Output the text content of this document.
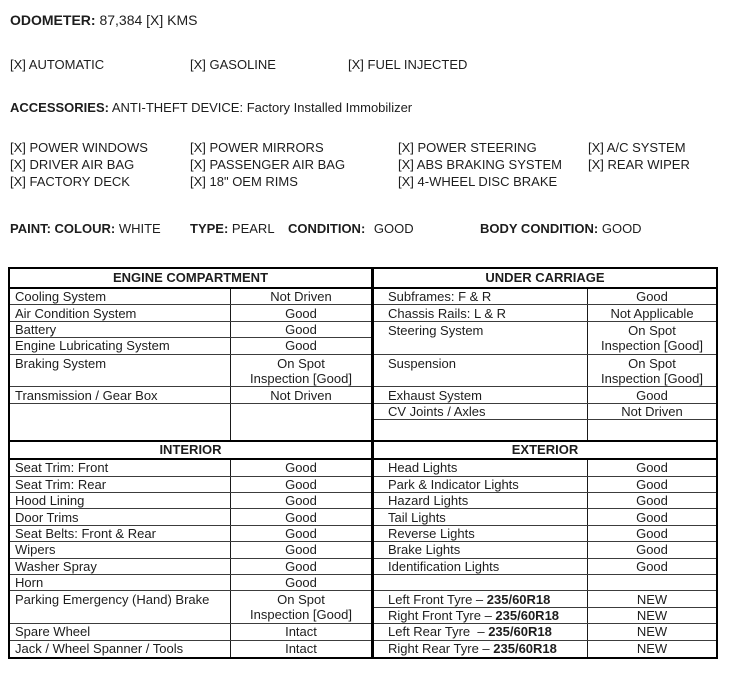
ODOMETER: 87,384 [X] KMS
[X] AUTOMATIC	[X] GASOLINE	[X] FUEL INJECTED
ACCESSORIES: ANTI-THEFT DEVICE: Factory Installed Immobilizer
[X] POWER WINDOWS	[X] POWER MIRRORS	[X] POWER STEERING	[X] A/C SYSTEM
[X] DRIVER AIR BAG	[X] PASSENGER AIR BAG	[X] ABS BRAKING SYSTEM [X] REAR WIPER
[X] FACTORY DECK	[X] 18" OEM RIMS	[X] 4-WHEEL DISC BRAKE
PAINT: COLOUR: WHITE TYPE: PEARL CONDITION: GOOD	BODY CONDITION: GOOD
ENGINE COMPARTMENT
Cooling System	Not Driven
Air Condition System	Good
Battery	Good
Engine Lubricating System	Good
Braking System	On Spot
Inspection [Good]
Transmission / Gear Box	Not Driven
INTERIOR
Seat Trim: Front	Good
Seat Trim: Rear	Good
Hood Lining	Good
Door Trims	Good
Seat Belts: Front & Rear	Good
Wipers	Good
Washer Spray	Good
Horn	Good
Parking Emergency (Hand) Brake	On Spot
Inspection [Good]
Spare Wheel	Intact
Jack / Wheel Spanner / Tools	Intact
UNDER CARRIAGE
Subframes: F & R	Good
Chassis Rails: L & R	Not Applicable
Steering System	On Spot
Inspection [Good]
Suspension	On Spot
Inspection [Good]
Exhaust System	Good
CV Joints / Axles	Not Driven
EXTERIOR
Head Lights	Good
Park & Indicator Lights	Good
Hazard Lights	Good
Tail Lights	Good
Reverse Lights	Good
Brake Lights	Good
Identification Lights	Good
Left Front Tyre – 235/60R18	NEW
Right Front Tyre – 235/60R18	NEW
Left Rear Tyre  – 235/60R18	NEW
Right Rear Tyre – 235/60R18	NEW
